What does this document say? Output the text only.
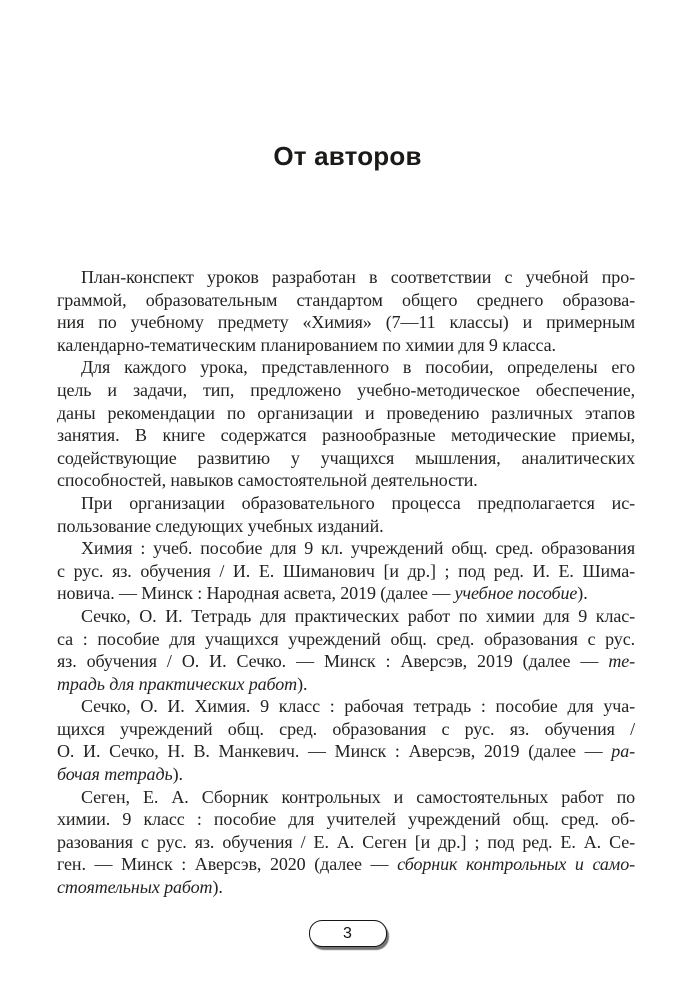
От авторов

План-конспект уроков разработан в соответствии с учебной про-
граммой, образовательным стандартом общего среднего образова-
ния по учебному предмету «Химия» (7—11 классы) и примерным
календарно-тематическим планированием по химии для 9 класса.

Для каждого урока, представленного в пособии, определены его
цель и задачи, тип, предложено учебно-методическое обеспечение,
даны рекомендации по организации и проведению различных этапов
занятия. В книге содержатся разнообразные методические приемы,
содействующие развитию у учащихся мышления, аналитических
способностей, навыков самостоятельной деятельности.

При организации образовательного процесса предполагается ис-
пользование следующих учебных изданий.

Химия : учеб. пособие для 9 кл. учреждений общ. сред. образования
с рус. яз. обучения / И. Е. Шиманович [и др.] ; под ред. И. Е. Шима-
новича. — Минск : Народная асвета, 2019 (далее — учебное пособие).

Сечко, О. И. Тетрадь для практических работ по химии для 9 клас-
са : пособие для учащихся учреждений общ. сред. образования с рус.
яз. обучения / О. И. Сечко. — Минск : Аверсэв, 2019 (далее — те-
традь для практических работ).

Сечко, О. И. Химия. 9 класс : рабочая тетрадь : пособие для уча-
щихся учреждений общ. сред. образования с рус. яз. обучения /
О. И. Сечко, Н. В. Манкевич. — Минск : Аверсэв, 2019 (далее — ра-
бочая тетрадь).

Сеген, Е. А. Сборник контрольных и самостоятельных работ по
химии. 9 класс : пособие для учителей учреждений общ. сред. об-
разования с рус. яз. обучения / Е. А. Сеген [и др.] ; под ред. Е. А. Се-
ген. — Минск : Аверсэв, 2020 (далее — сборник контрольных и само-
стоятельных работ).

3
